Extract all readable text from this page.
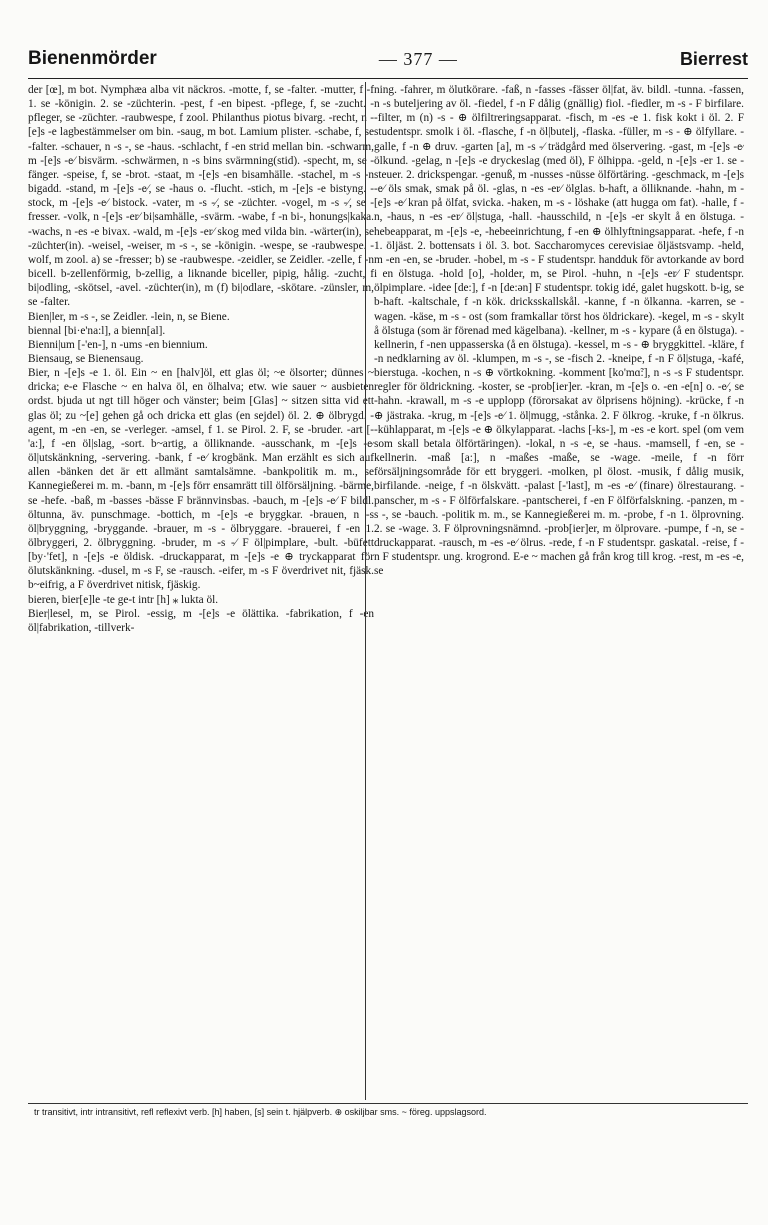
Bienenmörder	— 377 —	Bierrest

der [œ], m bot. Nymphæa alba vit näckros. -motte, f, se -falter. -mutter, f -f 1. se -königin. 2. se -züchterin. -pest, f -en bipest. -pflege, f, se -zucht. -pfleger, se -züchter. -raubwespe, f zool. Philanthus piotus bivarg. -recht, n -[e]s -e lagbestämmelser om bin. -saug, m bot. Lamium plister. -schabe, f, se -falter. -schauer, n -s -, se -haus. -schlacht, f -en strid mellan bin. -schwarm, m -[e]s -e⁄ bisvärm. -schwärmen, n -s bins svärmning(stid). -specht, m, se -fänger. -speise, f, se -brot. -staat, m -[e]s -en bisamhälle. -stachel, m -s -n bigadd. -stand, m -[e]s -e⁄, se -haus o. -flucht. -stich, m -[e]s -e bistyng. -stock, m -[e]s -e⁄ bistock. -vater, m -s -⁄, se -züchter. -vogel, m -s -⁄, se -fresser. -volk, n -[e]s -er⁄ bi|samhälle, -svärm. -wabe, f -n bi-, honungs|kaka. -wachs, n -es -e bivax. -wald, m -[e]s -er⁄ skog med vilda bin. -wärter(in), se -züchter(in). -weisel, -weiser, m -s -, se -königin. -wespe, se -raubwespe. -wolf, m zool. a) se -fresser; b) se -raubwespe. -zeidler, se Zeidler. -zelle, f -n bicell. b-zellenförmig, b-zellig, a liknande biceller, pipig, hålig. -zucht, f bi|odling, -skötsel, -avel. -züchter(in), m (f) bi|odlare, -skötare. -zünsler, m, se -falter.

Bien|ler, m -s -, se Zeidler. -lein, n, se Biene.

biennal [bi·e'na:l], a bienn[al].

Bienni|um [-'en-], n -ums -en biennium.

Biensaug, se Bienensaug.

Bier, n -[e]s -e 1. öl. Ein ~ en [halv]öl, ett glas öl; ~e ölsorter; dünnes ~ dricka; e-e Flasche ~ en halva öl, en ölhalva; etw. wie sauer ~ ausbieten ordst. bjuda ut ngt till höger och vänster; beim [Glas] ~ sitzen sitta vid ett glas öl; zu ~[e] gehen gå och dricka ett glas (en sejdel) öl. 2. ⊕ ölbrygd. -agent, m -en -en, se -verleger. -amsel, f 1. se Pirol. 2. F, se -bruder. -art [-'a:], f -en öl|slag, -sort. b~artig, a ölliknande. -ausschank, m -[e]s -e⁄ öl|utskänkning, -servering. -bank, f -e⁄ krogbänk. Man erzählt es sich auf allen -bänken det är ett allmänt samtalsämne. -bankpolitik m. m., se Kannegießerei m. m. -bann, m -[e]s förr ensamrätt till ölförsäljning. -bärme, se -hefe. -baß, m -basses -bässe F brännvinsbas. -bauch, m -[e]s -e⁄ F bildl. öltunna, äv. punschmage. -bottich, m -[e]s -e bryggkar. -brauen, n -s öl|bryggning, -bryggande. -brauer, m -s - ölbryggare. -brauerei, f -en 1. ölbryggeri, 2. ölbryggning. -bruder, m -s -⁄ F öl|pimplare, -bult. -büfett [by·'fet], n -[e]s -e öldisk. -druckapparat, m -[e]s -e ⊕ tryckapparat för ölutskänkning. -dusel, m -s F, se -rausch. -eifer, m -s F överdrivet nit, fjäsk. b~eifrig, a F överdrivet nitisk, fjäskig.

bieren, bier[e]le -te ge-t intr [h] ⁎ lukta öl.

Bier|lesel, m, se Pirol. -essig, m -[e]s -e ölättika. -fabrikation, f -en öl|fabrikation, -tillverk-

ning. -fahrer, m ölutkörare. -faß, n -fasses -fässer öl|fat, äv. bildl. -tunna. -fassen, n -s buteljering av öl. -fiedel, f -n F dålig (gnällig) fiol. -fiedler, m -s - F birfilare. -filter, m (n) -s - ⊕ ölfiltreringsapparat. -fisch, m -es -e 1. fisk kokt i öl. 2. F studentspr. smolk i öl. -flasche, f -n öl|butelj, -flaska. -füller, m -s - ⊕ ölfyllare. -galle, f -n ⊕ druv. -garten [a], m -s -⁄ trädgård med ölservering. -gast, m -[e]s -e⁄ ölkund. -gelag, n -[e]s -e dryckeslag (med öl), F ölhippa. -geld, n -[e]s -er 1. se -steuer. 2. drickspengar. -genuß, m -nusses -nüsse ölförtäring. -geschmack, m -[e]s -e⁄ öls smak, smak på öl. -glas, n -es -er⁄ ölglas. b-haft, a ölliknande. -hahn, m -[e]s -e⁄ kran på ölfat, svicka. -haken, m -s - löshake (att hugga om fat). -halle, f -n, -haus, n -es -er⁄ öl|stuga, -hall. -hausschild, n -[e]s -er skylt å en ölstuga. -hebeapparat, m -[e]s -e, -hebeeinrichtung, f -en ⊕ ölhlyftningsapparat. -hefe, f -n 1. öljäst. 2. bottensats i öl. 3. bot. Saccharomyces cerevisiae öljästsvamp. -held, m -en -en, se -bruder. -hobel, m -s - F studentspr. handduk för avtorkande av bord i en ölstuga. -hold [o], -holder, m, se Pirol. -huhn, n -[e]s -er⁄ F studentspr. ölpimplare. -idee [de:], f -n [de:ən] F studentspr. tokig idé, galet hugskott. b-ig, se b-haft. -kaltschale, f -n kök. dricksskallskål. -kanne, f -n ölkanna. -karren, se -wagen. -käse, m -s - ost (som framkallar törst hos öldrickare). -kegel, m -s - skylt å ölstuga (som är förenad med kägelbana). -kellner, m -s - kypare (å en ölstuga). -kellnerin, f -nen uppasserska (å en ölstuga). -kessel, m -s - ⊕ bryggkittel. -kläre, f -n nedklarning av öl. -klumpen, m -s -, se -fisch 2. -kneipe, f -n F öl|stuga, -kafé, bierstuga. -kochen, n -s ⊕ vörtkokning. -komment [ko'mɑ̃:], n -s -s F studentspr. regler för öldrickning. -koster, se -prob[ier]er. -kran, m -[e]s o. -en -e[n] o. -e⁄, se -hahn. -krawall, m -s -e upplopp (förorsakat av ölprisens höjning). -krücke, f -n ⊕ jästraka. -krug, m -[e]s -e⁄ 1. öl|mugg, -stånka. 2. F ölkrog. -kruke, f -n ölkrus. -kühlapparat, m -[e]s -e ⊕ ölkylapparat. -lachs [-ks-], m -es -e kort. spel (om vem som skall betala ölförtäringen). -lokal, n -s -e, se -haus. -mamsell, f -en, se -kellnerin. -maß [a:], n -maßes -maße, se -wage. -meile, f -n förr försäljningsområde för ett bryggeri. -molken, pl ölost. -musik, f dålig musik, birfilande. -neige, f -n ölskvätt. -palast [-'last], m -es -e⁄ (finare) ölrestaurang. -panscher, m -s - F ölförfalskare. -pantscherei, f -en F ölförfalskning. -panzen, m -s -, se -bauch. -politik m. m., se Kannegießerei m. m. -probe, f -n 1. ölprovning. 2. se -wage. 3. F ölprovningsnämnd. -prob[ier]er, m ölprovare. -pumpe, f -n, se -druckapparat. -rausch, m -es -e⁄ ölrus. -rede, f -n F studentspr. gaskatal. -reise, f -n F studentspr. ung. krogrond. E-e ~ machen gå från krog till krog. -rest, m -es -e, se

tr transitivt, intr intransitivt, refl reflexivt verb. [h] haben, [s] sein t. hjälpverb. ⊕ oskiljbar sms. ~ föreg. uppslagsord.
